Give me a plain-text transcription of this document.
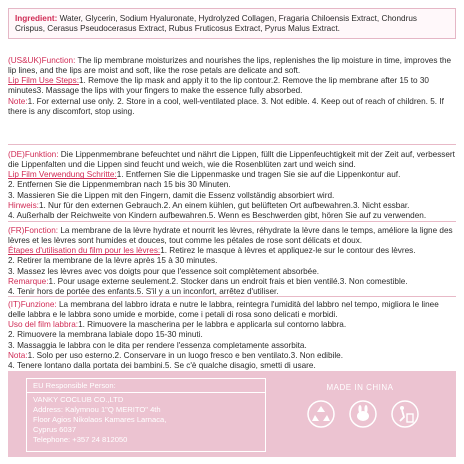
Ingredient: Water, Glycerin, Sodium Hyaluronate, Hydrolyzed Collagen, Fragaria Chiloensis Extract, Chondrus Crispus, Cerasus Pseudocerasus Extract, Rubus Fruticosus Extract, Pyrus Malus Extract.

(US&UK)Function: The lip membrane moisturizes and nourishes the lips, replenishes the lip moisture in time, improves the lip lines, and the lips are moist and soft, like the rose petals are delicate and soft.

Lip Film Use Steps:1. Remove the lip mask and apply it to the lip contour.2. Remove the lip membrane after 15 to 30 minutes3. Massage the lips with your fingers to make the essence fully absorbed.

Note:1. For external use only. 2. Store in a cool, well-ventilated place. 3. Not edible. 4. Keep out of reach of children. 5. If there is any discomfort, stop using.

(DE)Funktion: Die Lippenmembrane befeuchtet und nährt die Lippen, füllt die Lippenfeuchtigkeit mit der Zeit auf, verbessert die Lippenfalten und die Lippen sind feucht und weich, wie die Rosenblüten zart und weich sind.

Lip Film Verwendung Schritte:1. Entfernen Sie die Lippenmaske und tragen Sie sie auf die Lippenkontur auf.

2. Entfernen Sie die Lippenmembran nach 15 bis 30 Minuten.

3. Massieren Sie die Lippen mit den Fingern, damit die Essenz vollständig absorbiert wird.

Hinweis:1. Nur für den externen Gebrauch.2. An einem kühlen, gut belüfteten Ort aufbewahren.3. Nicht essbar.

4. Außerhalb der Reichweite von Kindern aufbewahren.5. Wenn es Beschwerden gibt, hören Sie auf zu verwenden.

(FR)Fonction: La membrane de la lèvre hydrate et nourrit les lèvres, réhydrate la lèvre dans le temps, améliore la ligne des lèvres et les lèvres sont humides et douces, tout comme les pétales de rose sont délicats et doux.

Étapes d'utilisation du film pour les lèvres:1. Retirez le masque à lèvres et appliquez-le sur le contour des lèvres.

2. Retirer la membrane de la lèvre après 15 à 30 minutes.

3. Massez les lèvres avec vos doigts pour que l'essence soit complètement absorbée.

Remarque:1. Pour usage externe seulement.2. Stocker dans un endroit frais et bien ventilé.3. Non comestible.

4. Tenir hors de portée des enfants.5. S'il y a un inconfort, arrêtez d'utiliser.

(IT)Funzione: La membrana del labbro idrata e nutre le labbra, reintegra l'umidità del labbro nel tempo, migliora le linee delle labbra e le labbra sono umide e morbide, come i petali di rosa sono delicati e morbidi.

Uso del film labbra:1. Rimuovere la mascherina per le labbra e applicarla sul contorno labbra.

2. Rimuovere la membrana labiale dopo 15-30 minuti.

3. Massaggia le labbra con le dita per rendere l'essenza completamente assorbita.

Nota:1. Solo per uso esterno.2. Conservare in un luogo fresco e ben ventilato.3. Non edibile.

4. Tenere lontano dalla portata dei bambini.5. Se c'è qualche disagio, smetti di usare.

EU Responsible Person:
VANKY COCLUB CO.,LTD
Address: Kalymnou 1"Q MERITO" 4th
Floor Agios Nikolaos Kamares Larnaca,
Cyprus 6037
Telephone: +357 24 812050
MADE IN CHINA
